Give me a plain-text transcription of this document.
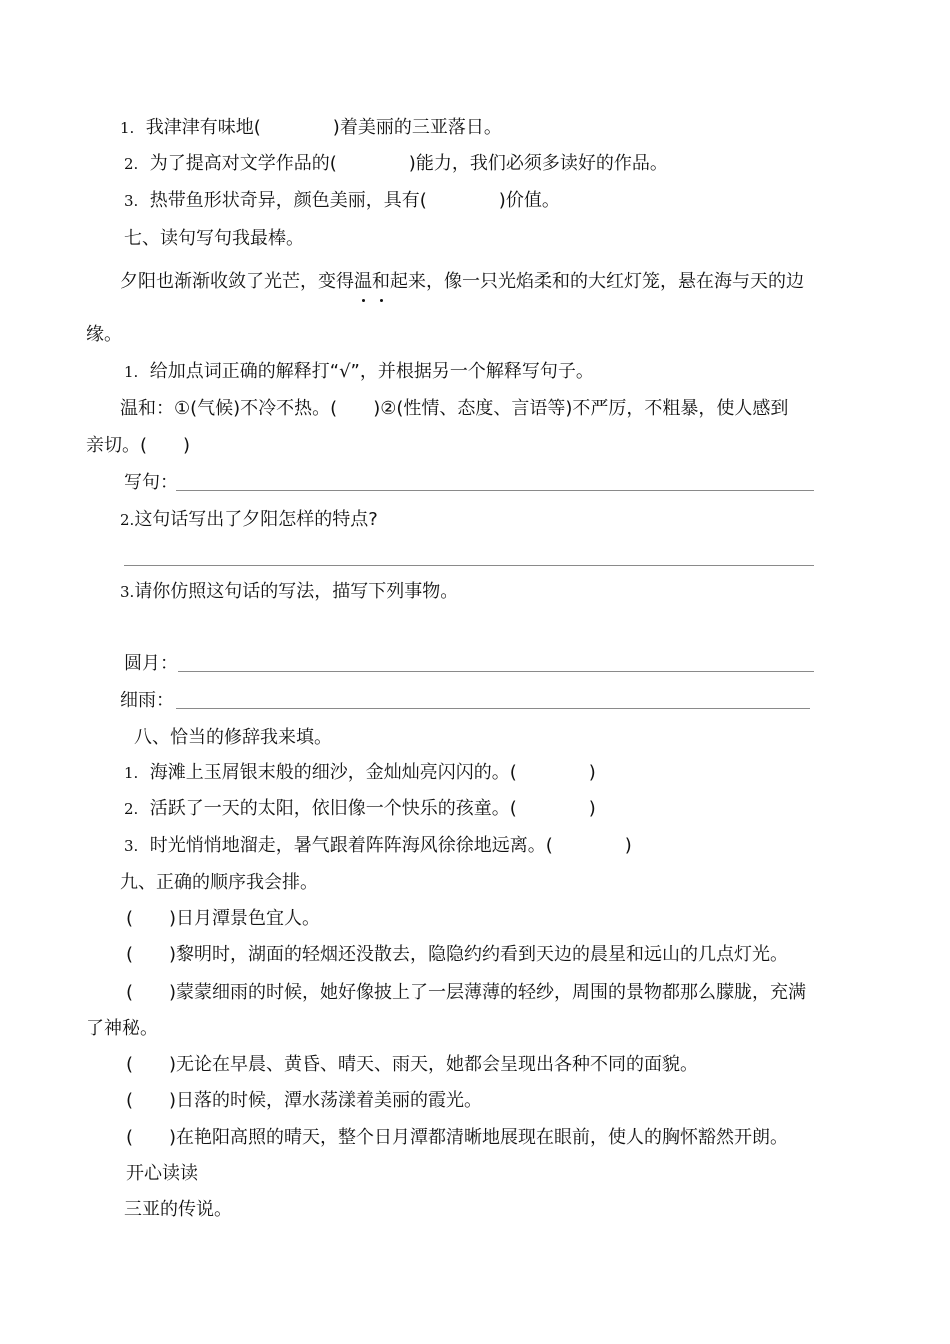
1. 我津津有味地(　　　　	)着美丽的三亚落日。
2. 为了提高对文学作品的(　　　　	)能力，我们必须多读好的作品。
3. 热带鱼形状奇异，颜色美丽，具有(　　　　	)价值。
七、读句写句我最棒。
夕阳也渐渐收敛了光芒，变得温和起来，像一只光焰柔和的大红灯笼，悬在海与天的边
缘。
1. 给加点词正确的解释打“√”，并根据另一个解释写句子。
温和：①(气候)不冷不热。(　　)②(性情、态度、言语等)不严厉，不粗暴，使人感到
亲切。(　　)
写句：
2.这句话写出了夕阳怎样的特点?
3.请你仿照这句话的写法，描写下列事物。
圆月：
细雨：
八、恰当的修辞我来填。
1. 海滩上玉屑银末般的细沙，金灿灿亮闪闪的。(　　　　)
2. 活跃了一天的太阳，依旧像一个快乐的孩童。(　　　　)
3. 时光悄悄地溜走，暑气跟着阵阵海风徐徐地远离。(　　　　)
九、正确的顺序我会排。
(　　)日月潭景色宜人。
(　　)黎明时，湖面的轻烟还没散去，隐隐约约看到天边的晨星和远山的几点灯光。
(　　)蒙蒙细雨的时候，她好像披上了一层薄薄的轻纱，周围的景物都那么朦胧，充满
了神秘。
(　　)无论在早晨、黄昏、晴天、雨天，她都会呈现出各种不同的面貌。
(　　)日落的时候，潭水荡漾着美丽的霞光。
(　　)在艳阳高照的晴天，整个日月潭都清晰地展现在眼前，使人的胸怀豁然开朗。
开心读读
三亚的传说。
